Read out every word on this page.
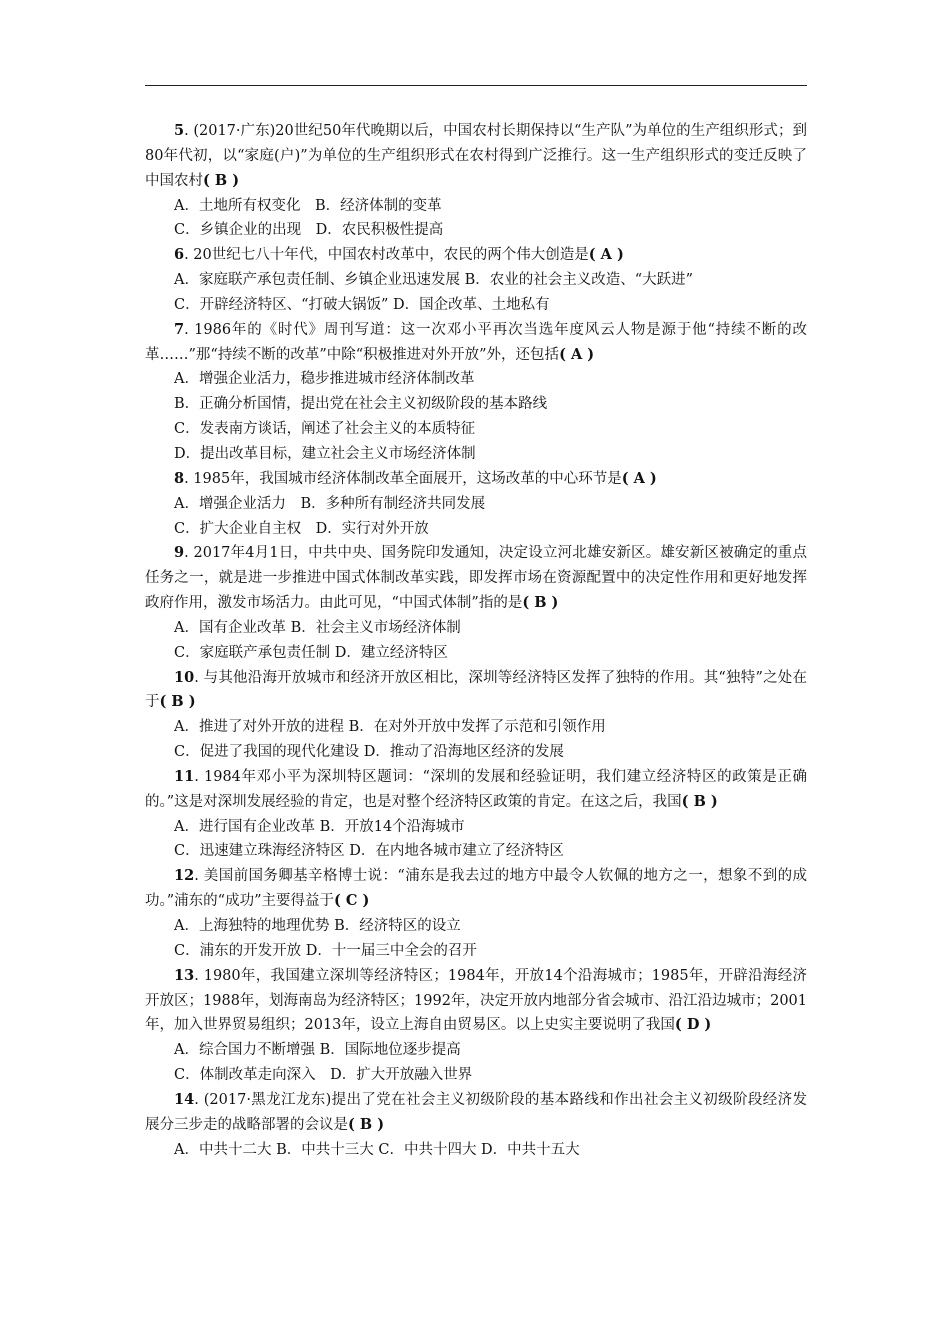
5. (2017·广东)20世纪50年代晚期以后，中国农村长期保持以“生产队”为单位的生产组织形式；到80年代初，以“家庭(户)”为单位的生产组织形式在农村得到广泛推行。这一生产组织形式的变迁反映了中国农村( B )

A．土地所有权变化　B．经济体制的变革

C．乡镇企业的出现　D．农民积极性提高

6. 20世纪七八十年代，中国农村改革中，农民的两个伟大创造是( A )

A．家庭联产承包责任制、乡镇企业迅速发展 B．农业的社会主义改造、“大跃进”

C．开辟经济特区、“打破大锅饭” D．国企改革、土地私有

7. 1986年的《时代》周刊写道：这一次邓小平再次当选年度风云人物是源于他“持续不断的改革……”那“持续不断的改革”中除“积极推进对外开放”外，还包括( A )

A．增强企业活力，稳步推进城市经济体制改革

B．正确分析国情，提出党在社会主义初级阶段的基本路线

C．发表南方谈话，阐述了社会主义的本质特征

D．提出改革目标，建立社会主义市场经济体制

8. 1985年，我国城市经济体制改革全面展开，这场改革的中心环节是( A )

A．增强企业活力　B．多种所有制经济共同发展

C．扩大企业自主权　D．实行对外开放

9. 2017年4月1日，中共中央、国务院印发通知，决定设立河北雄安新区。雄安新区被确定的重点任务之一，就是进一步推进中国式体制改革实践，即发挥市场在资源配置中的决定性作用和更好地发挥政府作用，激发市场活力。由此可见，“中国式体制”指的是( B )

A．国有企业改革 B．社会主义市场经济体制

C．家庭联产承包责任制 D．建立经济特区

10. 与其他沿海开放城市和经济开放区相比，深圳等经济特区发挥了独特的作用。其“独特”之处在于( B )

A．推进了对外开放的进程 B．在对外开放中发挥了示范和引领作用

C．促进了我国的现代化建设 D．推动了沿海地区经济的发展

11. 1984年邓小平为深圳特区题词：“深圳的发展和经验证明，我们建立经济特区的政策是正确的。”这是对深圳发展经验的肯定，也是对整个经济特区政策的肯定。在这之后，我国( B )

A．进行国有企业改革 B．开放14个沿海城市

C．迅速建立珠海经济特区 D．在内地各城市建立了经济特区

12. 美国前国务卿基辛格博士说：“浦东是我去过的地方中最令人钦佩的地方之一，想象不到的成功。”浦东的“成功”主要得益于( C )

A．上海独特的地理优势 B．经济特区的设立

C．浦东的开发开放 D．十一届三中全会的召开

13. 1980年，我国建立深圳等经济特区；1984年，开放14个沿海城市；1985年，开辟沿海经济开放区；1988年，划海南岛为经济特区；1992年，决定开放内地部分省会城市、沿江沿边城市；2001年，加入世界贸易组织；2013年，设立上海自由贸易区。以上史实主要说明了我国( D )

A．综合国力不断增强 B．国际地位逐步提高

C．体制改革走向深入　D．扩大开放融入世界

14. (2017·黑龙江龙东)提出了党在社会主义初级阶段的基本路线和作出社会主义初级阶段经济发展分三步走的战略部署的会议是( B )

A．中共十二大 B．中共十三大 C．中共十四大 D．中共十五大
